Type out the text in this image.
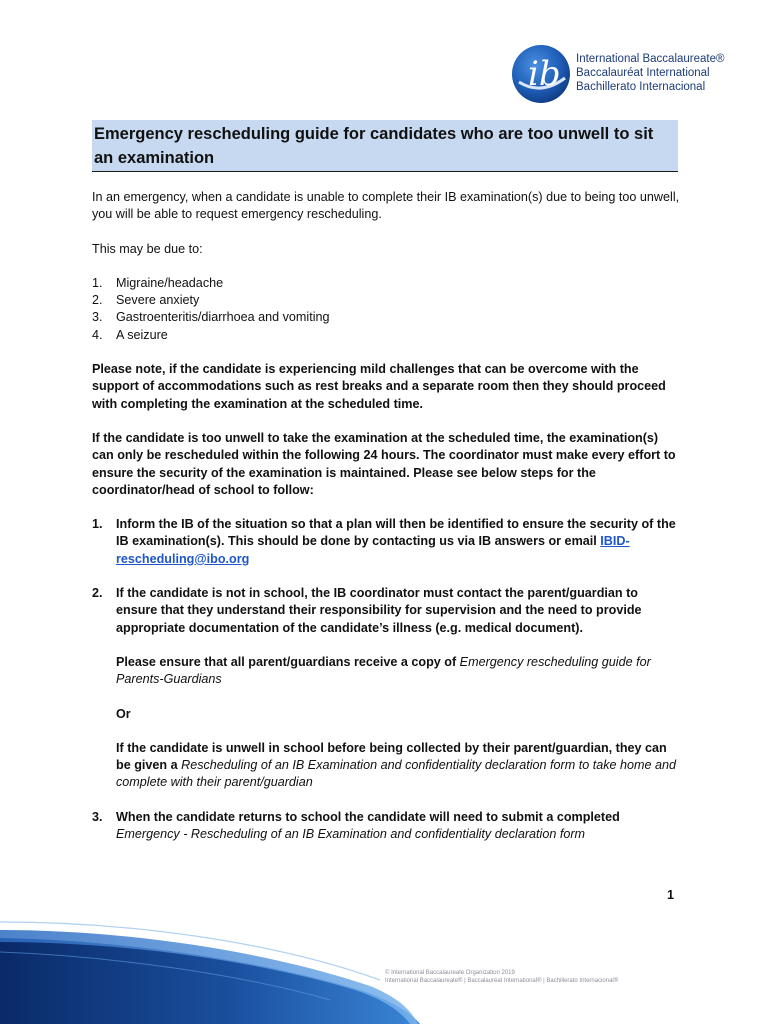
ib International Baccalaureate®
Baccalauréat International
Bachillerato Internacional
Emergency rescheduling guide for candidates who are too unwell to sit an examination

In an emergency, when a candidate is unable to complete their IB examination(s) due to being too unwell, you will be able to request emergency rescheduling.

This may be due to:

1. Migraine/headache
2. Severe anxiety
3. Gastroenteritis/diarrhoea and vomiting
4. A seizure

Please note, if the candidate is experiencing mild challenges that can be overcome with the support of accommodations such as rest breaks and a separate room then they should proceed with completing the examination at the scheduled time.

If the candidate is too unwell to take the examination at the scheduled time, the examination(s) can only be rescheduled within the following 24 hours. The coordinator must make every effort to ensure the security of the examination is maintained. Please see below steps for the coordinator/head of school to follow:

1. Inform the IB of the situation so that a plan will then be identified to ensure the security of the IB examination(s). This should be done by contacting us via IB answers or email IBID-rescheduling@ibo.org
2. If the candidate is not in school, the IB coordinator must contact the parent/guardian to ensure that they understand their responsibility for supervision and the need to provide appropriate documentation of the candidate’s illness (e.g. medical document).

Please ensure that all parent/guardians receive a copy of Emergency rescheduling guide for Parents-Guardians

Or

If the candidate is unwell in school before being collected by their parent/guardian, they can be given a Rescheduling of an IB Examination and confidentiality declaration form to take home and complete with their parent/guardian

3. When the candidate returns to school the candidate will need to submit a completed Emergency - Rescheduling of an IB Examination and confidentiality declaration form
1
© International Baccalaureate Organization 2019
International Baccalaureate® | Baccalauréat International® | Bachillerato Internacional®
